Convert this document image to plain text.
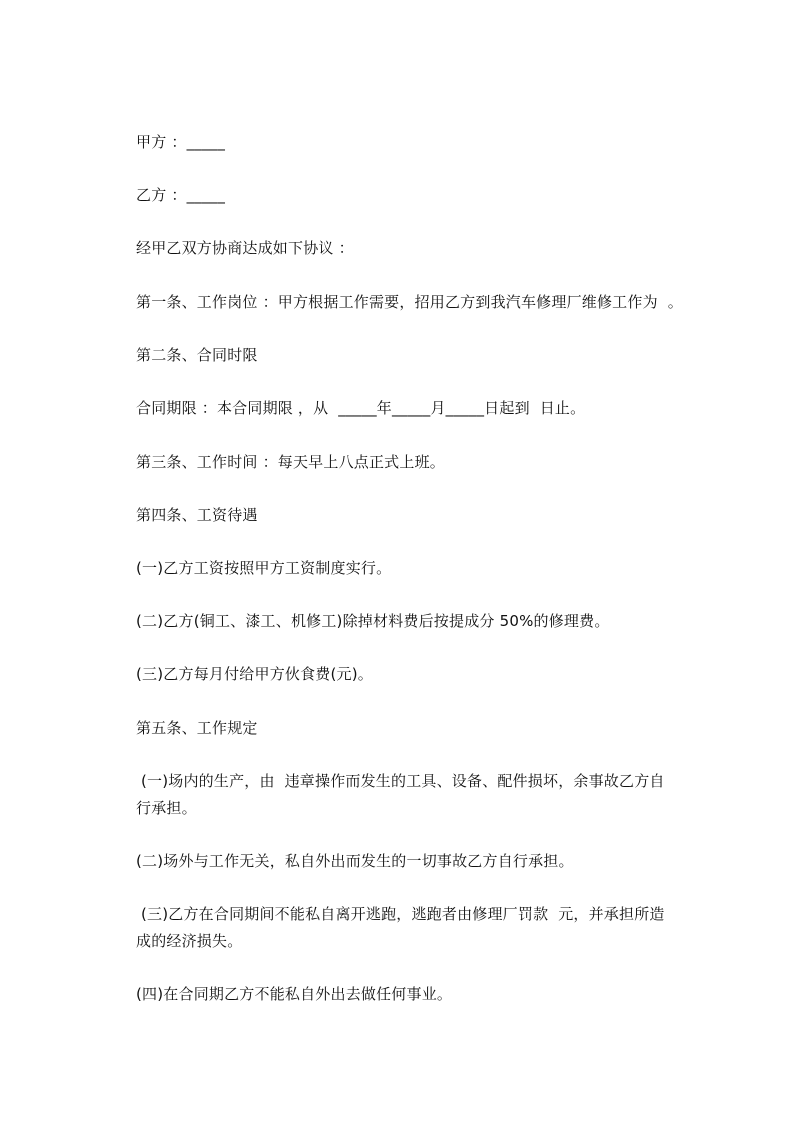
甲方 ：_____
乙方 ：_____
经甲乙双方协商达成如下协议 ：
第一条、工作岗位 ：甲方根据工作需要，招用乙方到我汽车修理厂维修工作为  。
第二条、合同时限
合同期限 ：本合同期限 ，从  _____年_____月_____日起到  日止。
第三条、工作时间 ：每天早上八点正式上班。
第四条、工资待遇
(一)乙方工资按照甲方工资制度实行。
(二)乙方(铜工、漆工、机修工)除掉材料费后按提成分 50%的修理费。
(三)乙方每月付给甲方伙食费(元)。
第五条、工作规定
(一)场内的生产，由  违章操作而发生的工具、设备、配件损坏，余事故乙方自
行承担。
(二)场外与工作无关，私自外出而发生的一切事故乙方自行承担。
(三)乙方在合同期间不能私自离开逃跑，逃跑者由修理厂罚款  元，并承担所造
成的经济损失。
(四)在合同期乙方不能私自外出去做任何事业。
